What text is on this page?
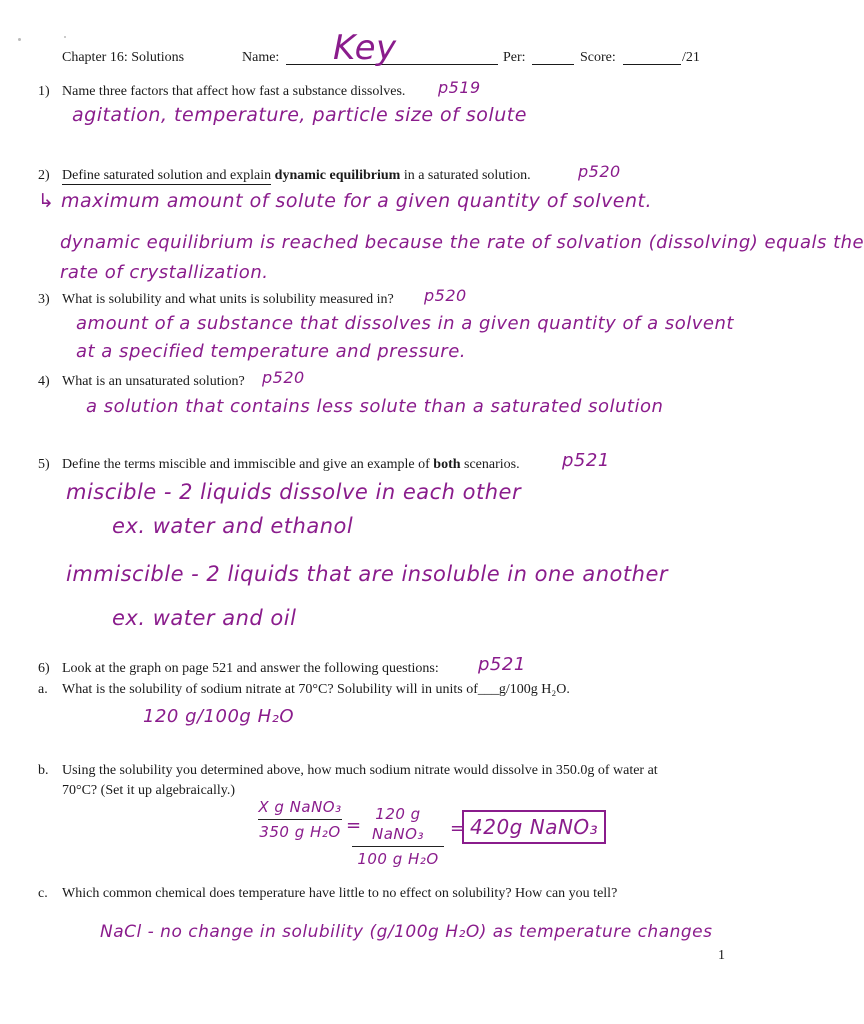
Chapter 16: Solutions	Name: Key	Per:	Score:	/21
1) Name three factors that affect how fast a substance dissolves. p519
agitation, temperature, particle size of solute
2) Define saturated solution and explain dynamic equilibrium in a saturated solution.	p520
↳ maximum amount of solute for a given quantity of solvent.
dynamic equilibrium is reached because the rate of solvation (dissolving) equals the
rate of crystallization.
3) What is solubility and what units is solubility measured in? p520
amount of a substance that dissolves in a given quantity of a solvent
at a specified temperature and pressure.
4) What is an unsaturated solution? p520
a solution that contains less solute than a saturated solution
5) Define the terms miscible and immiscible and give an example of both scenarios. p521
miscible - 2 liquids dissolve in each other
ex. water and ethanol
immiscible - 2 liquids that are insoluble in one another
ex. water and oil
6) Look at the graph on page 521 and answer the following questions: p521
a. What is the solubility of sodium nitrate at 70°C? Solubility will in units of___g/100g H₂O.
120 g/100g H₂O
b. Using the solubility you determined above, how much sodium nitrate would dissolve in 350.0g of water at
70°C? (Set it up algebraically.)
X g NaNO₃
350 g H₂O =
120 g NaNO₃
100 g H₂O
= 420g NaNO₃
c. Which common chemical does temperature have little to no effect on solubility? How can you tell?
NaCl - no change in solubility (g/100g H₂O) as temperature changes
1
